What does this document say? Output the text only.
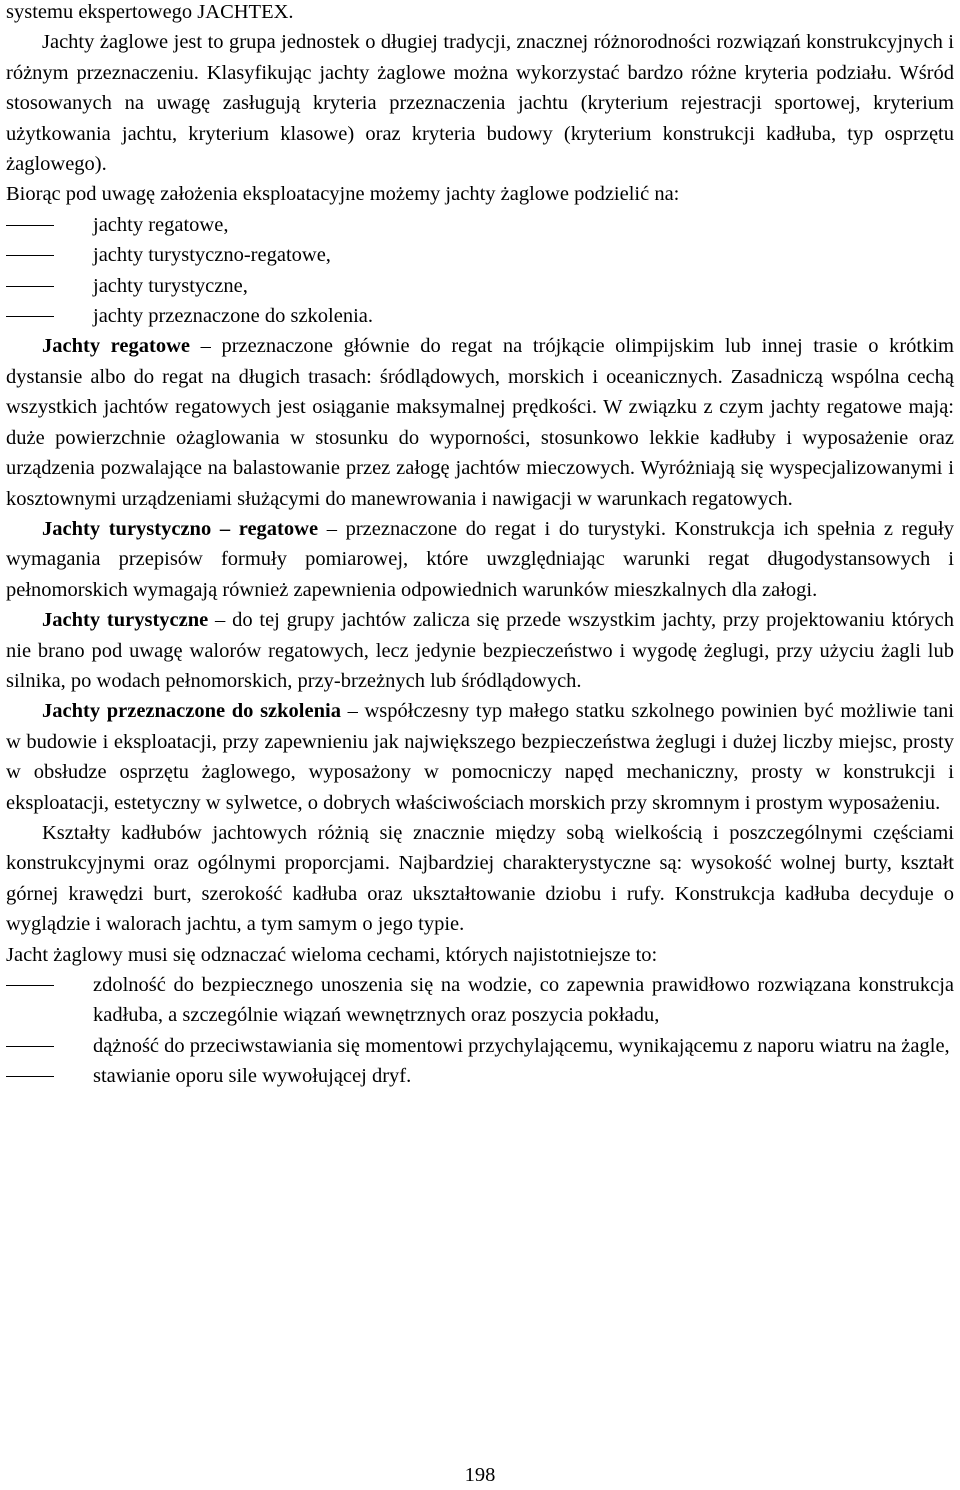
systemu ekspertowego JACHTEX.

Jachty żaglowe jest to grupa jednostek o długiej tradycji, znacznej różnorodności rozwiązań konstrukcyjnych i różnym przeznaczeniu. Klasyfikując jachty żaglowe można wykorzystać bardzo różne kryteria podziału. Wśród stosowanych na uwagę zasługują kryteria przeznaczenia jachtu (kryterium rejestracji sportowej, kryterium użytkowania jachtu, kryterium klasowe) oraz kryteria budowy (kryterium konstrukcji kadłuba, typ osprzętu żaglowego).

Biorąc pod uwagę założenia eksploatacyjne możemy jachty żaglowe podzielić na:

jachty regatowe,
jachty turystyczno-regatowe,
jachty turystyczne,
jachty przeznaczone do szkolenia.

Jachty regatowe – przeznaczone głównie do regat na trójkącie olimpijskim lub innej trasie o krótkim dystansie albo do regat na długich trasach: śródlądowych, morskich i oceanicznych. Zasadniczą wspólna cechą wszystkich jachtów regatowych jest osiąganie maksymalnej prędkości. W związku z czym jachty regatowe mają: duże powierzchnie ożaglowania w stosunku do wyporności, stosunkowo lekkie kadłuby i wyposażenie oraz urządzenia pozwalające na balastowanie przez załogę jachtów mieczowych. Wyróżniają się wyspecjalizowanymi i kosztownymi urządzeniami służącymi do manewrowania i nawigacji w warunkach regatowych.

Jachty turystyczno – regatowe – przeznaczone do regat i do turystyki. Konstrukcja ich spełnia z reguły wymagania przepisów formuły pomiarowej, które uwzględniając warunki regat długodystansowych i pełnomorskich wymagają również zapewnienia odpowiednich warunków mieszkalnych dla załogi.

Jachty turystyczne – do tej grupy jachtów zalicza się przede wszystkim jachty, przy projektowaniu których nie brano pod uwagę walorów regatowych, lecz jedynie bezpieczeństwo i wygodę żeglugi, przy użyciu żagli lub silnika, po wodach pełnomorskich, przy-brzeżnych lub śródlądowych.

Jachty przeznaczone do szkolenia – współczesny typ małego statku szkolnego powinien być możliwie tani w budowie i eksploatacji, przy zapewnieniu jak największego bezpieczeństwa żeglugi i dużej liczby miejsc, prosty w obsłudze osprzętu żaglowego, wyposażony w pomocniczy napęd mechaniczny, prosty w konstrukcji i eksploatacji, estetyczny w sylwetce, o dobrych właściwościach morskich przy skromnym i prostym wyposażeniu.

Kształty kadłubów jachtowych różnią się znacznie między sobą wielkością i poszczególnymi częściami konstrukcyjnymi oraz ogólnymi proporcjami. Najbardziej charakterystyczne są: wysokość wolnej burty, kształt górnej krawędzi burt, szerokość kadłuba oraz ukształtowanie dziobu i rufy. Konstrukcja kadłuba decyduje o wyglądzie i walorach jachtu, a tym samym o jego typie.

Jacht żaglowy musi się odznaczać wieloma cechami, których najistotniejsze to:

zdolność do bezpiecznego unoszenia się na wodzie, co zapewnia prawidłowo rozwiązana konstrukcja kadłuba, a szczególnie wiązań wewnętrznych oraz poszycia pokładu,
dążność do przeciwstawiania się momentowi przychylającemu, wynikającemu z naporu wiatru na żagle,
stawianie oporu sile wywołującej dryf.
198
